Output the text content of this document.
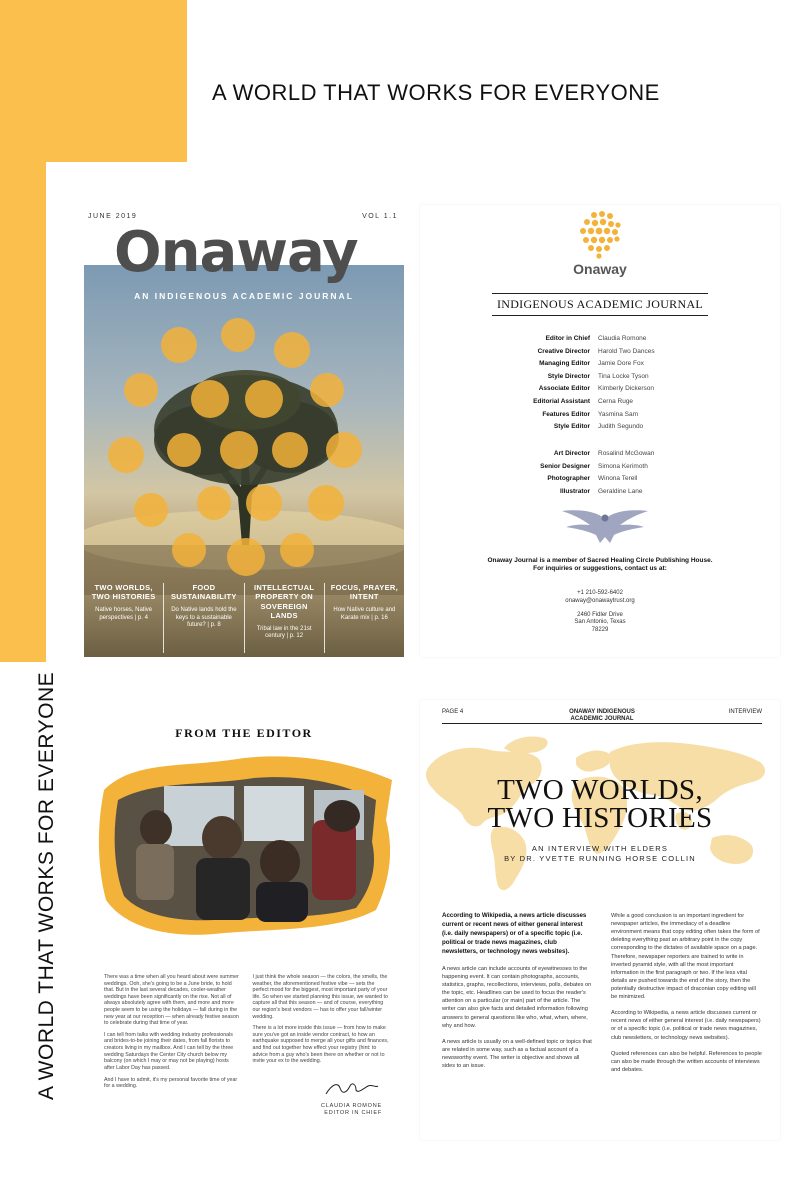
A WORLD THAT WORKS FOR EVERYONE
A WORLD THAT WORKS FOR EVERYONE
JUNE 2019	VOL 1.1
Onaway
AN INDIGENOUS ACADEMIC JOURNAL
TWO WORLDS, TWO HISTORIES
Native horses, Native perspectives | p. 4
FOOD SUSTAINABILITY
Do Native lands hold the keys to a sustainable future? | p. 8
INTELLECTUAL PROPERTY ON SOVEREIGN LANDS
Tribal law in the 21st century | p. 12
FOCUS, PRAYER, INTENT
How Native culture and Karate mix | p. 16
Onaway
INDIGENOUS ACADEMIC JOURNAL
Editor in Chief	Claudia Romone
Creative Director	Harold Two Dances
Managing Editor	Jamie Dore Fox
Style Director	Tina Locke Tyson
Associate Editor	Kimberly Dickerson
Editorial Assistant	Cerna Ruge
Features Editor	Yasmina Sam
Style Editor	Judith Segundo
Art Director	Rosalind McGowan
Senior Designer	Simona Kerimoth
Photographer	Winona Terell
Illustrator	Geraldine Lane
Onaway Journal is a member of Sacred Healing Circle Publishing House.
For inquiries or suggestions, contact us at:
+1 210-592-6402
onaway@onawaytrust.org
2460 Fidler Drive
San Antonio, Texas
78229
FROM THE EDITOR

There was a time when all you heard about were summer weddings. Ooh, she's going to be a June bride, to hold that. But in the last several decades, cooler-weather weddings have been significantly on the rise. Not all of always absolutely agree with them, and more and more people seem to be using the holidays — fall during in the new year at our reception — when already festive season to celebrate during that time of year.

I can tell from talks with wedding industry professionals and brides-to-be joining their dates, from fall florists to creators living in my mailbox. And I can tell by the three wedding Saturdays the Center City church below my balcony (on which I may or may not be playing) hosts after Labor Day has passed.

And I have to admit, it's my personal favorite time of year for a wedding.

I just think the whole season — the colors, the smells, the weather, the aforementioned festive vibe — sets the perfect mood for the biggest, most important party of your life. So when we started planning this issue, we wanted to capture all that this season — and of course, everything our region's best vendors — has to offer your fall/winter wedding.

There is a lot more inside this issue — from how to make sure you've got an inside vendor contract, to how an earthquake supposed to merge all your gifts and finances, and find out together how effect your registry (hint: to advice from a guy who's been there on whether or not to invite your ex to the wedding.

CLAUDIA ROMONE
EDITOR IN CHIEF
PAGE 4	ONAWAY INDIGENOUS
ACADEMIC JOURNAL
INTERVIEW
TWO WORLDS,
TWO HISTORIES
AN INTERVIEW WITH ELDERS
BY DR. YVETTE RUNNING HORSE COLLIN

According to Wikipedia, a news article discusses current or recent news of either general interest (i.e. daily newspapers) or of a specific topic (i.e. political or trade news magazines, club newsletters, or technology news websites).

A news article can include accounts of eyewitnesses to the happening event. It can contain photographs, accounts, statistics, graphs, recollections, interviews, polls, debates on the topic, etc. Headlines can be used to focus the reader's attention on a particular (or main) part of the article. The writer can also give facts and detailed information following answers to general questions like who, what, when, where, why and how.

A news article is usually on a well-defined topic or topics that are related in some way, such as a factual account of a newsworthy event. The writer is objective and shows all sides to an issue.

While a good conclusion is an important ingredient for newspaper articles, the immediacy of a deadline environment means that copy editing often takes the form of deleting everything past an arbitrary point in the copy corresponding to the dictates of available space on a page. Therefore, newspaper reporters are trained to write in inverted pyramid style, with all the most important information in the first paragraph or two. If the less vital details are pushed towards the end of the story, then the potentially destructive impact of draconian copy editing will be minimized.

According to Wikipedia, a news article discusses current or recent news of either general interest (i.e. daily newspapers) or of a specific topic (i.e. political or trade news magazines, club newsletters, or technology news websites).

Quoted references can also be helpful. References to people can also be made through the written accounts of interviews and debates.
